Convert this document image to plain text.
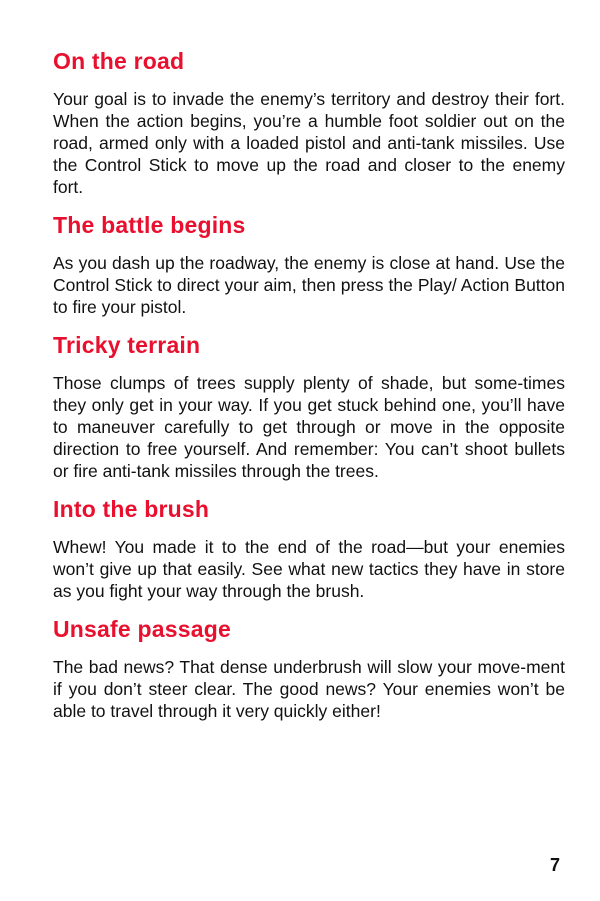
On the road

Your goal is to invade the enemy’s territory and destroy their fort. When the action begins, you’re a humble foot soldier out on the road, armed only with a loaded pistol and anti-tank missiles. Use the Control Stick to move up the road and closer to the enemy fort.

The battle begins

As you dash up the roadway, the enemy is close at hand. Use the Control Stick to direct your aim, then press the Play/ Action Button to fire your pistol.

Tricky terrain

Those clumps of trees supply plenty of shade, but some-times they only get in your way. If you get stuck behind one, you’ll have to maneuver carefully to get through or move in the opposite direction to free yourself. And remember: You can’t shoot bullets or fire anti-tank missiles through the trees.

Into the brush

Whew! You made it to the end of the road—but your enemies won’t give up that easily. See what new tactics they have in store as you fight your way through the brush.

Unsafe passage

The bad news? That dense underbrush will slow your move-ment if you don’t steer clear. The good news? Your enemies won’t be able to travel through it very quickly either!

7
